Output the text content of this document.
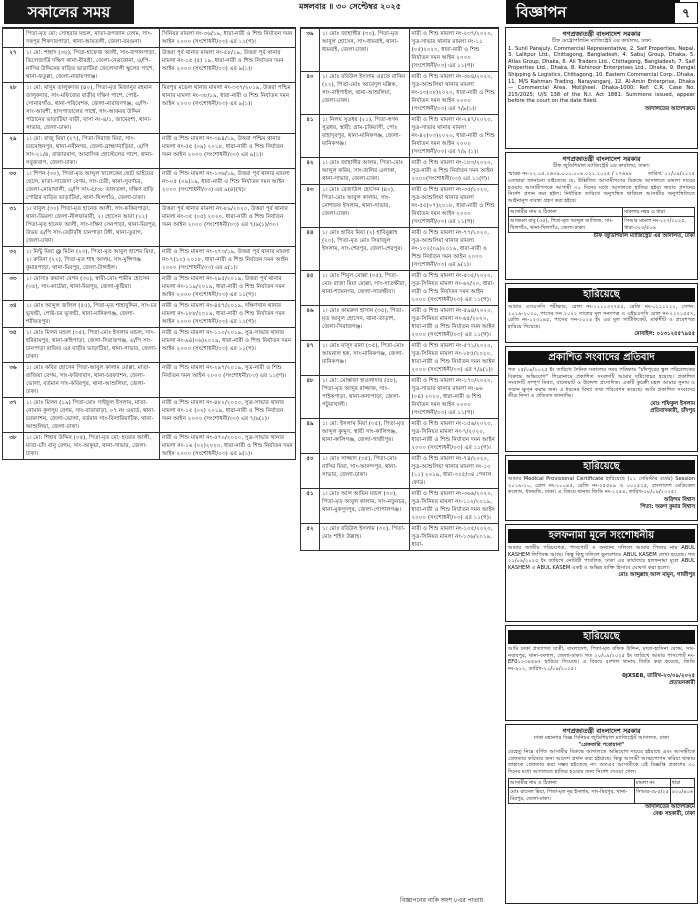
সকালের সময়	মঙ্গলবার ॥ ৩০ সেপ্টেম্বর ২০২৫	বিজ্ঞাপন	৭
	পিতা-মৃত মো: সোহরাব মন্ডল, মাতা-রূপজান বেগম, সাং-দত্তপুর শিকদারপাড়া, থানা-আমতলী, জেলা-বরগুনা।	সিনিয়র মামলা নং-৩৬/১৯, ধারা-নারী ও শিশু নির্যাতন দমন আইন ২০০০ (সংশোধনী/০৩) এর ১১(গ)।
২৭	১। মো: শাহাদ (৩৮), পিতা-হাফেজ আলী, সাং-বাগানপাড়া, ভিলেজার্ডি দক্ষিণ থানা-বীরশ্রী, জেলা-নেত্রকোনা, এ/পি-নাসির উদ্দিনের বাড়ির ভাড়াটিয়া জেলেখালী স্কুলের পাশে, থানা-ফতুল্লা, জেলা-নারায়ণগঞ্জ।	উত্তরা পূর্ব থানার মামলা নং-৫৮/১৯, উত্তরা পূর্ব থানার মামলা নং-১৫ (৫) ১৯, ধারা-নারী ও শিশু নির্যাতন দমন আইন ২০০০ (সংশোধনী/০৩) এর ৯(১)।
২৮	১। মো: মাসুম তালুকদার (৪০), পিতা-মৃত মিজানুর রহমান তালুকদার, সাং-মফিজের বাড়ীর দক্ষিণ পাশে, পোষ্ট-সোনারগাঁও, থানা-পরিবেশক, জেলা-নারায়ণগঞ্জ, এ/পি-সাং-আরশী, হাসপাতালের পার্শ্বে, সাং-আকবর উদ্দিন পাঠানের ভাড়াটিয়া বাড়ী, বাসা নং-৪/১, জামেরশা, থানা-সাভার, জেলা-ঢাকা।	মিরপুর মডেল থানার মামলা নং-৩৩৭/২০১৯, উত্তরা পশ্চিম থানার মামলা নং-৩৮/১৯, ধারা-নারী ও শিশু নির্যাতন দমন আইন ২০০০ (সংশোধনী/০৩) এর ৯(১)।
২৯	১। মো: রাজু মিয়া (২৭), পিতা-সিরাজ মিয়া, সাং-চরমোহনপুর, থানা-নবীনগর, জেলা-ব্রাহ্মণবাড়িয়া, এ/পি সাং-২১/৪, রাজারবাগ, আবাসিক হোস্টেলের পাশে, থানা-সবুজবাগ, জেলা-ঢাকা।	নারী ও শিশু মামলা নং-৩৯৪/১৯, উত্তরা পশ্চিম থানার মামলা নং-৫৫ (০৯) ২০১৮, ধারা-নারী ও শিশু নির্যাতন দমন আইন ২০০০ (সংশোধনী/০৩) এর ৯(১)।
৩০	১। শিপন (৩০), পিতা-মৃত আব্দুল খালেকের ছোট ভাইয়ের ছেলে, মাতা-সাজেদা বেগম, সাং-চেরী, থানা-সুবর্ণচর, জেলা-নোয়াখালী, এ/পি সাং-৫/৩৮ তালতলা, দক্ষিণ বাড়ি পোষ্টার বাড়ির ভাড়াটিয়া, থানা-খিলগাঁও, জেলা-ঢাকা।	নারী ও শিশু মামলা নং-১৩৬/১৯, উত্তরা পূর্ব থানার মামলা নং-০৫ (০৯)১৯, ধারা-নারী ও শিশু নির্যাতন দমন আইন ২০০০ (সংশোধনী/০৩) এর ৯(৪)(খ)।
৩১	১। বাবুল (৩০) পিতা-মৃত হানেফ আলী, সাং-ফকিরপাড়া, থানা-ডিমলা জেলা-নীলফামারী, ২। হোসেন আরা (২২) পিতা-মৃত হানেফ আলী, সাং-দক্ষিণ সেনপাড়া, থানা-মিরপুর, উভয় এ/পি সাং-বেড়ীবাঁধ চানপাড়া টঙ্গী, থানা-তুরাগ, জেলা-ঢাকা।	উত্তরা পূর্ব থানার মামলা নং-৮৯/২০২০, উত্তরা পূর্ব থানার মামলা নং-৩৫ (০৫) ২০২০, ধারা-নারী ও শিশু নির্যাতন দমন আইন ২০০০ (সংশোধনী/০৩) এর ৭/৯(১)/৩০।
৩২	১। মিন্টু মিয়া @ মিটন (২৩), পিতা-মৃত আবুল হাশেম মিয়া, ২। রুবিনা (২২), পিতা-মৃত শাহ আলম, সাং-মুন্সিগঞ্জ কুমারপাড়া, থানা-মিরপুর, জেলা-টাঙ্গাইল।	নারী ও শিশু মামলা নং-২৭৩/১৯, উত্তরা পূর্ব থানার মামলা নং-৭(১০) ২০১৮, ধারা-নারী ও শিশু নির্যাতন দমন আইন ২০০০ (সংশোধনী/০৩) এর ৯(১)।
৩৩	১। মোসাঃ রুমানা বেগম (৩০), স্বামী-মোঃ শামীম হোসেন (৩৫), সাং-কাটেরা, থানা-মিরপুর, জেলা-কুষ্টিয়া।	নারী ও শিশু মামলা নং-২৯৫/২০১৯, উত্তরা পূর্ব থানার মামলা নং-১১৯/২০১৯, ধারা-নারী ও শিশু নির্যাতন দমন আইন ২০০০ (সংশোধনী/০৩) এর ১১(গ)।
৩৪	১। মোঃ আব্দুল জলিল (৫৫), পিতা-মৃত শাহাবুদ্দিন, সাং-চর ভূখন্ডী, পোষ্ট-চর ভূখন্ডী, থানা-মানিকগঞ্জ, জেলা-শরীয়তপুর।	নারী ও শিশু মামলা নং-৪৫৭/২০১৯, দক্ষিণখান থানার মামলা নং-১৮৮/২০১৯, ধারা-নারী ও শিশু নির্যাতন দমন আইন ২০০০ (সংশোধনী/০৩) এর ১১(গ)।
৩৫	১। মোঃ মিলন মন্ডল (৩৫), পিতা-মোঃ ইসলাম মন্ডল, সাং-হরিরামপুর, থানা-রুহিপাড়া, জেলা-সিরাজগঞ্জ, এ/পি সাং-চানপাড়া রাজিব এর বাড়ীর ভাড়াটিয়া, থানা-সাভার, জেলা-ঢাকা।	নারী ও শিশু মামলা নং-১১০/২০১৯, সুত্র-সাভার থানার মামলা নং-৯৪(০৬)২০১৯, ধারা-নারী ও শিশু নির্যাতন দমন আইন ২০০০ (সংশোধনী/০৩) এর ১১(গ)।
৩৬	১। মোঃ কবির হোসেন পিতা-আবুল কালাম মোল্লা, মাতা-রাজিয়া বেগম, সাং-ফরিদাবাদ, থানা-চরফ্যাশন, জেলা-ভোলা, বর্তমান সাং-কবিরপুর, থানা-আশুলিয়া, জেলা-ঢাকা।	নারী ও শিশু মামলা নং-২৯৭/২০১৯, সুত্র-নারী ও শিশু নির্যাতন দমন আইন ২০০০ (সংশোধনী/০৩) এর ১১(গ)।
৩৭	১। মোঃ মিলন (১৯) পিতা-মোঃ সাইফুল ইসলাম, মাতা-নোমান কুলসুম বেগম, সাং-বাতাবাড়া, ০৭ নং ওয়ার্ড, থানা-চরফ্যাশন, জেলা-ভোলা, বর্তমান সাং-বিলারিয়াটিক, থানা-আশুলিয়া, জেলা-ঢাকা।	নারী ও শিশু মামলা নং-৪৮২/২০২০, সুত্র-সাভার থানার মামলা নং-১৫ (০২) ২০১৯, ধারা-নারী ও শিশু নির্যাতন দমন আইন ২০০০ (সংশোধনী/০৩) এর ৭/৯(১)।
৩৮	১। মো: শিহাব উদ্দিন (৩৫), পিতা-মৃত মো: হযরত আলী, মাতা-চাঁদ বানু বেগম, সাং-আকুয়া, থানা-সাভার, জেলা-ঢাকা।	নারী ও শিশু মামলা নং-৫৭০/২০২০, সুত্র-সাভার থানার মামলা নং-১৬ (০২)২০২০, ধারা-নারী ও শিশু নির্যাতন দমন আইন ২০০০ (সংশোধনী/০৩) এর ৯(১)।
৩৯	১। মোঃ জাহাঙ্গীর (৩০), পিতা-মৃত আবুল হোসেন, সাং-ধামরাই, থানা-ধামরাই, জেলা-ঢাকা।	নারী ও শিশু মামলা নং-২৩৭/২০২০, সুত্র-সাভার থানার মামলা নং-১১ (০৫)২০২০, ধারা-নারী ও শিশু নির্যাতন দমন আইন ২০০০ (সংশোধনী/০৩) এর ১১(গ)।
৪০	১। মোঃ রবিউল ইসলাম ওরফে রাকিব (২২), পিতা-মোঃ আবেদুল মল্লিক, সাং-বাইপাইল, থানা-আশুলিয়া, জেলা-ঢাকা।	নারী ও শিশু মামলা নং-৩৮৪/২০২০, সুত্র-আশুলিয়া থানার মামলা নং-১৩(০৮)২০২০, ধারা-নারী ও শিশু নির্যাতন দমন আইন ২০০০ (সংশোধনী/০৩) এর ৭/৯(১)।
৪১	১। নিলয় সুত্রধর (২১), পিতা-স্বপন সুত্রধর, স্থায়ী: গ্রাম-চকিয়াসী, পোঃ বাহাদুরপুর, থানা-মানিকগঞ্জ, জেলা-মানিকগঞ্জ।	নারী ও শিশু মামলা নং-২৪৭/২০২০, সুত্র-সাভার থানার মামলা নং-৪২(০৩)২০২০, ধারা-নারী ও শিশু নির্যাতন দমন আইন ২০০০ (সংশোধনী/০৩) এর ৭/৯ (১)।
৪২	১। মোঃ জাহাঙ্গীর আলম, পিতা-মোঃ আব্দুল করিম, সাং-জলির এলাকা, থানা-সাভার, জেলা-ঢাকা।	নারী ও শিশু মামলা নং-১৮৩/২০২০, সুত্র-নারী ও শিশু নির্যাতন দমন আইন ২০০০(সংশোধনী/০৩) এর ১১(গ)।
৪৩	১। মোঃ রেজাউল হোসেন (৪০), পিতা-মোঃ আবুল কালাম, সাং-মোশারফ ইসলাম, থানা-সাভার, জেলা-ঢাকা।	নারী ও শিশু মামলা নং-৩৫/২০২০, সুত্র-আশুলিয়া থানার মামলা নং-৫৫(০৭)২০১৮, ধারা-নারী ও শিশু নির্যাতন দমন আইন ২০০০ (সংশোধনী/০৩) এর ১১(গ)।
৪৪	১। মোঃ হাবিব মিয়া (২) হাবিবুল্লাহ (২০), পিতা-মৃত মোঃ সিরাজুল ইসলাম, সাং-শেরপুর, জেলা-শেরপুর।	নারী ও শিশু মামলা নং-৭৭/২০২০, সুত্র-আশুলিয়া থানার মামলা নং-১০২(০৯)২০১৯, ধারা-নারী ও শিশু নির্যাতন দমন আইন ২০০০ (সংশোধনী/০৩) এর ৯(১)।
৪৫	১। মোঃ শিমুল মোল্লা (৩৫), পিতা-মোঃ রাজা মিয়া মোল্লা, সাং-সাতক্ষীরা, থানা-শ্যামনগর, জেলা-সাতক্ষীরা।	নারী ও শিশু মামলা নং-৫৩৫/২০২০, সুত্র-সিনিয়র মামলা নং-৬২/২০, ধারা-নারী ও শিশু নির্যাতন দমন আইন ২০০০ (সংশোধনী/০৩) এর ১১(গ)।
৪৬	১। মোঃ কামরুল হাসান (৩৫), পিতা-মৃত আবুল হোসেন, থানা-তাড়াশ, জেলা-সিরাজগঞ্জ।	নারী ও শিশু মামলা নং-৫৯৪/২০২০, সুত্র-সিনিয়র মামলা নং-৬৫/২০২০, ধারা-নারী ও শিশু নির্যাতন দমন আইন ২০০০ (সংশোধনী/০৩) এর ১১(গ)।
৪৭	১। মোঃ মাসুদ রানা (৩৫), পিতা-মোঃ আয়নাল হক, সাং-মানিকগঞ্জ, জেলা-মানিকগঞ্জ।	নারী ও শিশু মামলা নং-৫৭১/২০২০, সুত্র-সিনিয়র মামলা নং-১৮৫/২০২০, ধারা-নারী ও শিশু নির্যাতন দমন আইন ২০০০ (সংশোধনী/০৩) এর ৭/৯(১)।
৪৮	১। মো: মোস্তাফা হাওলাদার (৫৮), পিতা-মৃত আব্দুর রাজ্জাক, সাং-পাইকপাড়া, থানা-কলাপাড়া, জেলা-পটুয়াখালী।	নারী ও শিশু মামলা নং-১৭০/২০২০, সুত্র-সাভার থানার মামলা নং-৯৬ (০৪) ২০২০, ধারা-নারী ও শিশু নির্যাতন দমন আইন ২০০০ (সংশোধনী/০৩) এর ১১(গ)।
৪৯	১। মো: ইসলাম মিয়া (৩৫), পিতা-মৃত আব্দুল কুদ্দুস, স্থায়ী সাং-কালিগঞ্জ, থানা-কালিগঞ্জ, জেলা-গাজীপুর।	নারী ও শিশু মামলা নং-১৫৬/২০২০, সুত্র-সিনিয়র মামলা নং-৭/২০২০, ধারা-নারী ও শিশু নির্যাতন দমন আইন ২০০০ (সংশোধনী/০৩) এর ১১(গ)।
৫০	১। মোঃ সাজ্জাদ (৩৫), পিতা-মোঃ নাসির মিয়া, সাং-আনন্দপুর, থানা-সাভার, জেলা-ঢাকা।	নারী ও শিশু মামলা নং-৭৪/২০২০, সুত্র-আশুলিয়া থানার মামলা নং-১০ (১১) ২০১৯, ধারা-৩২৫/৩৪ পেনাল কোড।
৫১	১। মোঃ আল আমিন মন্ডল (৩০), পিতা-মৃত আবুল কালাম, সাং-নতুনচর, থানা-মুকসুদপুর, জেলা-গোপালগঞ্জ।	নারী ও শিশু মামলা নং-৩৬৬/২০২০, সুত্র-সিনিয়র মামলা নং-১১২/২০১৯, ধারা-নারী ও শিশু নির্যাতন দমন আইন ২০০০ (সংশোধনী/০৩) এর ১১(গ)।
৫২	১। মোঃ রবিউল ইসলাম (৩০), পিতা-মোঃ শহিদ উল্লাহ।	নারী ও শিশু মামলা নং-১০৫/২০২০, সুত্র-সিনিয়র মামলা নং-১৩৬/২০১৯, ধারা-
বিজ্ঞাপনের বাকি অংশ ৮এর পাতায়
গণপ্রজাতন্ত্রী বাংলাদেশ সরকার
চীফ মেট্রোপলিটন ম্যাজিস্ট্রেট এর কার্যালয়, ঢাকা
1. Sunil Parajuly, Commercial Representative, 2. Saif Properties, Nepal, 3. Lalitpur Ltd., Chittagong, Bangladesh, 4. Sabuj Group, Dhaka, 5. Atlas Group, Dhaka, 6. Ali Traders Ltd., Chittagong, Bangladesh, 7. Saif Properties Ltd., Dhaka, 8. Kohinoor Enterprises Ltd., Dhaka, 9. Bengal Shipping & Logistics, Chittagong, 10. Eastern Commercial Corp., Dhaka, 11. M/S Rahman Trading, Narayanganj, 12. Al-Amin Enterprise, Dhaka — Commercial Area, Motijheel, Dhaka-1000; Ref: C.R. Case No. 215/2025; U/S 138 of the N.I. Act 1881. Summons issued, appear before the court on the date fixed.
আদালতের আদেশক্রমে
গণপ্রজাতন্ত্রী বাংলাদেশ সরকার
চীফ জুডিশিয়াল ম্যাজিস্ট্রেট এর কার্যালয়, ঢাকা।
স্মারক নং-২২.০৫.২৬৩৯.০০০.০০৪.০২১.২০২৫ / ১৭৬৯৮	তারিখ: ১২/০৯/২০২৫
এতদ্বারা জানানো যাইতেছে যে, উল্লিখিত আসামীগণের বিরুদ্ধে আদালতে মামলা দায়ের হওয়ায় আসামীগণকে আগামী ৩০ দিনের মধ্যে আদালতে হাজির হইয়া জবাব প্রদানের নির্দেশ প্রদান করা হইল। নির্ধারিত তারিখে অনুপস্থিত থাকিলে আসামীর অনুপস্থিতিতে আইনানুগ ব্যবস্থা গ্রহণ করা হইবে।
আসামীর নাম ও ঠিকানা	মামলার নম্বর ও ধারা
আজমল বাবু (৩৫), পিতা-মৃত আব্দুল আজিজ, সাং-খিলগাঁও, থানা-খিলগাঁও, জেলা-ঢাকা।	সিআর মামলা নং-১২৭/২০২৫, ধারা-৩২৩/৫০৬
চীফ জুডিশিয়াল ম্যাজিস্ট্রেট এর আদালত, ঢাকা
হারিয়েছে
আমার এসএসসি পরীক্ষার, রোল নং-১১১১৩৭৭৫৫, রেজি নং-০১২১২২২, সেশন: ২০১৯-২০২০, পাসের সন ২০২২ সালের মূল সনদপত্র ও এইচএসসি রোল নং-২২২১৫৫৭, রেজি নং-১২৩১৪৫, পাসের সন-২০২৪ ইং এর মূল সার্টিফিকেট, মার্কশীট ও প্রবেশপত্র হারিয়ে গিয়েছে।
মোবাইল: ০১৩১২৫৫৭৯৪৫
প্রকাশিত সংবাদের প্রতিবাদ
গত ২৫/০৯/২০২৫ ইং তারিখে দৈনিক সকালের সময় পত্রিকায় "চাঁদপুরের স্কুল পরিচালকের বিরুদ্ধে অভিযোগ" শিরোনামে প্রকাশিত সংবাদটি আমার দৃষ্টিগোচর হয়েছে। প্রকাশিত সংবাদটি সম্পূর্ণ মিথ্যা, বানোয়াট ও উদ্দেশ্য প্রণোদিত। একটি কুচক্রী মহল আমার সুনাম ও সম্মান ক্ষুণ্ন করার জন্য এ ধরনের মিথ্যা তথ্য পরিবেশন করেছে। আমি প্রকাশিত সংবাদের তীব্র নিন্দা ও প্রতিবাদ জানাচ্ছি।
মোঃ শফিকুল ইসলাম
প্রতিবাদকারী, চাঁদপুর
হারিয়েছে
আমার Medical Provisional Certificate হারিয়েছে (০১ সেমিস্টার বর্ষের) Session ২০১৯-২০, রোল নং-১০০৪৫, রেজি নং-২৫৫৮৯ ও ০০১৫২৫, বাংলাদেশ মেডিকেল কলেজ, ধানমন্ডি, ঢাকা। এ বিষয়ে থানায় জিডি নং-১২৫৪, তারিখ-২৮/০৯/২০২৫।
অরিন্দম বিশ্বাস
পিতা: অরুণ কুমার বিশ্বাস
হলফনামা মূলে সংশোধনীয়
আমার জাতীয় পরিচয়পত্র, পাসপোর্ট ও অন্যান্য দলিলে আমার পিতার নাম ABUL KASHEM লিপিবদ্ধ আছে। কিন্তু কিছু দলিলে ভুলবশতঃ ABUL KASEM লেখা হয়েছে। গত ২১/০৯/২০২৫ ইং তারিখে নোটারী পাবলিক, ঢাকা এর কার্যালয়ে হলফনামা মূলে ABUL KASHEM ও ABUL KASEM একই ও অভিন্ন ব্যক্তি হিসাবে ঘোষণা করা হলো।
মোঃ আব্দুল্লাহ আল মামুন, গাজীপুর
হারিয়েছে
আমি ঢাকা প্রত্যাগত যাত্রী, বাংলাদেশ, পিতা-মৃত রফিক উদ্দিন, মাতা-হাসিনা বেগম, সাং-নবাবপুর, থানা-বংশাল, জেলা-ঢাকা। গত ২০/০৯/২০২৫ ইং তারিখে আমার পাসপোর্ট নং-EF0১২৩৪৫৬৭ হারিয়ে গিয়েছে। এ বিষয়ে বংশাল থানায় জিডি করা হয়েছে, জিডি নং-৯১২, তারিখ-২১/০৯/২০২৫।
0JX5E8, তারিখ-২৩/০৯/২০২৫
প্রত্যয়নকারী
গণপ্রজাতন্ত্রী বাংলাদেশ সরকার
ঢাকা মহানগর বিজ্ঞ সিনিয়র জুডিশিয়াল ম্যাজিস্ট্রেট আদালত, ঢাকা
"গ্রেফতারি পরোয়ানা"
যেহেতু নিম্নে বর্ণিত আসামীর বিরুদ্ধে আদালতে অভিযোগ দায়ের হইয়াছে এবং আসামীকে গ্রেফতার করিবার জন্য আদেশ প্রদান করা হইয়াছে। কিন্তু আসামী আত্মগোপন করিয়া থাকায় তাহাকে গ্রেফতার করা সম্ভব হইতেছে না। অতএব আসামীকে এই বিজ্ঞপ্তি প্রকাশের ৩০ দিনের মধ্যে আদালতে হাজির হওয়ার জন্য নির্দেশ দেওয়া গেল।
আসামীর নাম ও ঠিকানা	মামলা নং	ধারা
মোঃ রাসেল মিয়া, পিতা-মৃত নূর ইসলাম, সাং-মিরপুর, থানা-মিরপুর, জেলা-ঢাকা।	সিআর-৩৮৫/২৫	৪২০/৪০৬
আদালতের আদেশক্রমে
বেঞ্চ সহকারী, ঢাকা
